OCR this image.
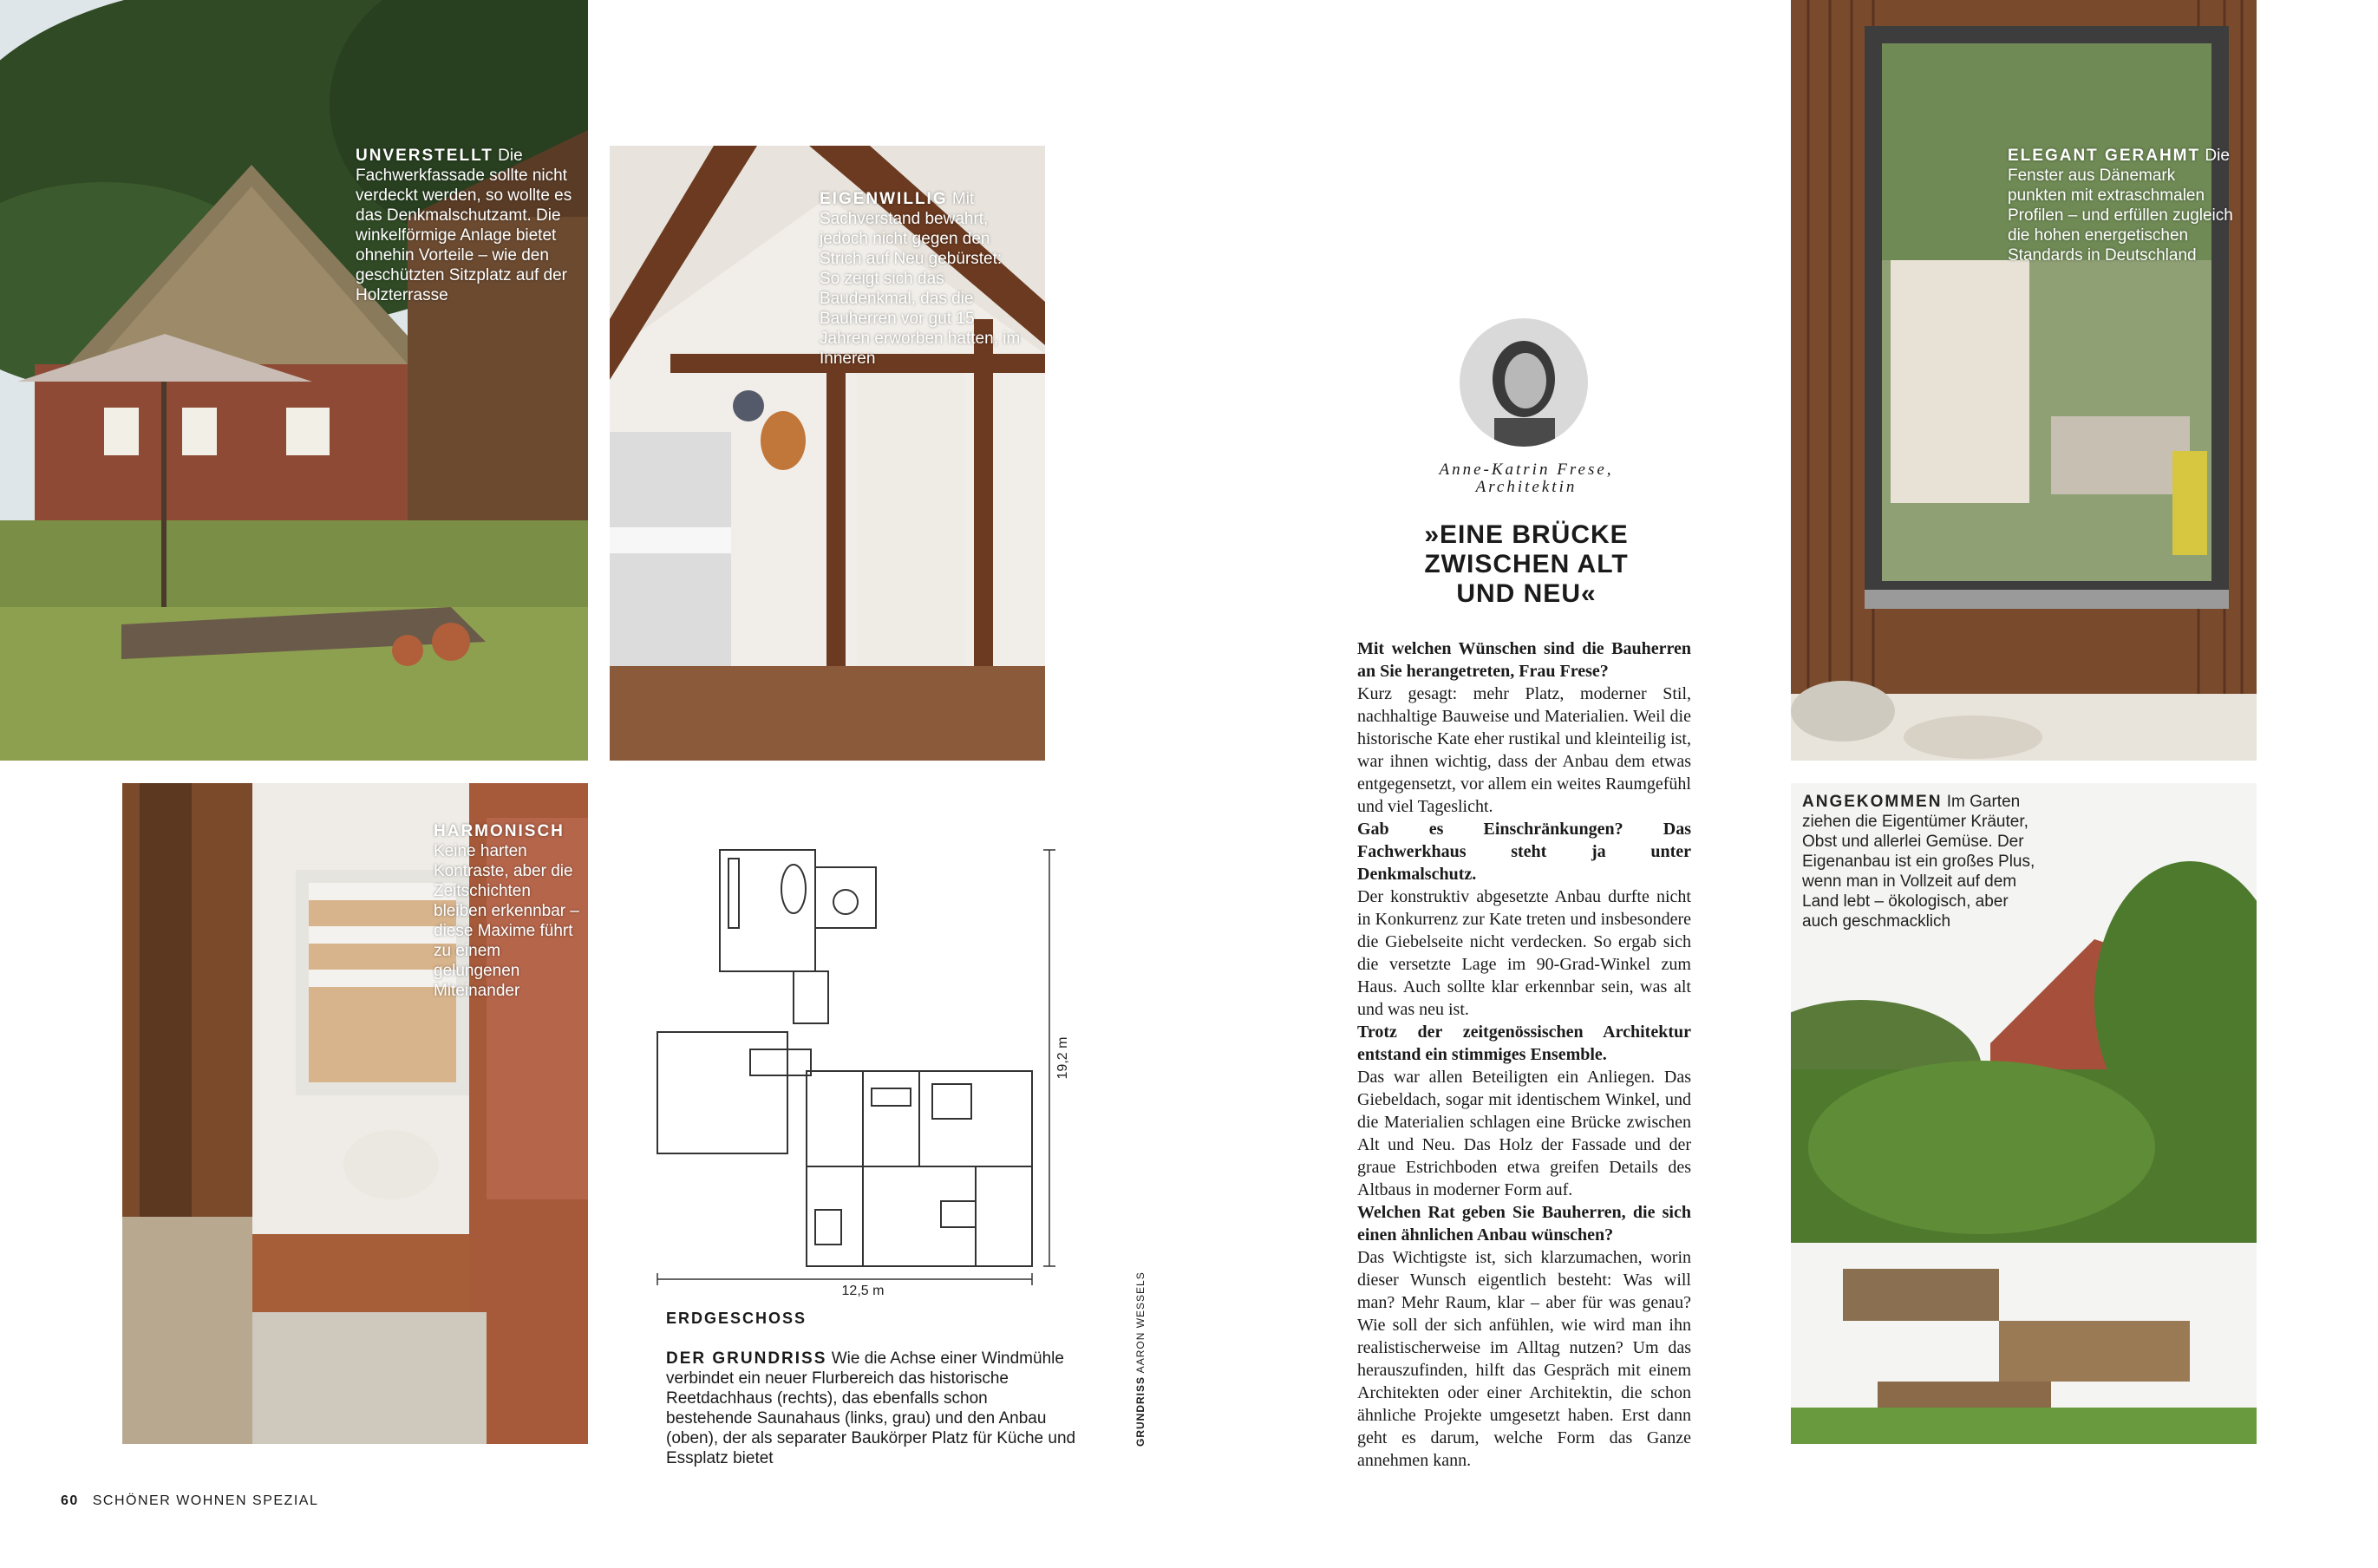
UNVERSTELLT Die Fachwerkfassade sollte nicht verdeckt werden, so wollte es das Denkmalschutzamt. Die winkelförmige Anlage bietet ohnehin Vorteile – wie den geschützten Sitzplatz auf der Holzterrasse
EIGENWILLIG Mit Sachverstand bewahrt, jedoch nicht gegen den Strich auf Neu gebürstet: So zeigt sich das Baudenkmal, das die Bauherren vor gut 15 Jahren erworben hatten, im Inneren
HARMONISCH Keine harten Kontraste, aber die Zeitschichten bleiben erkennbar – diese Maxime führt zu einem gelungenen Miteinander
12,5 m
19,2 m
ERDGESCHOSS
DER GRUNDRISS Wie die Achse einer Windmühle verbindet ein neuer Flurbereich das historische Reetdachhaus (rechts), das ebenfalls schon bestehende Saunahaus (links, grau) und den Anbau (oben), der als separater Baukörper Platz für Küche und Essplatz bietet
GRUNDRISS AARON WESSELS
Anne-Katrin Frese,
Architektin
»EINE BRÜCKE
ZWISCHEN ALT
UND NEU«

Mit welchen Wünschen sind die Bauherren an Sie herangetreten, Frau Frese?

Kurz gesagt: mehr Platz, moderner Stil, nachhaltige Bauweise und Materialien. Weil die historische Kate eher rustikal und kleinteilig ist, war ihnen wichtig, dass der Anbau dem etwas entgegensetzt, vor allem ein weites Raumgefühl und viel Tageslicht.

Gab es Einschränkungen? Das Fachwerkhaus steht ja unter Denkmalschutz.

Der konstruktiv abgesetzte Anbau durfte nicht in Konkurrenz zur Kate treten und insbesondere die Giebelseite nicht verdecken. So ergab sich die versetzte Lage im 90-Grad-Winkel zum Haus. Auch sollte klar erkennbar sein, was alt und was neu ist.

Trotz der zeitgenössischen Architektur entstand ein stimmiges Ensemble.

Das war allen Beteiligten ein Anliegen. Das Giebeldach, sogar mit identischem Winkel, und die Materialien schlagen eine Brücke zwischen Alt und Neu. Das Holz der Fassade und der graue Estrichboden etwa greifen Details des Altbaus in moderner Form auf.

Welchen Rat geben Sie Bauherren, die sich einen ähnlichen Anbau wünschen?

Das Wichtigste ist, sich klarzumachen, worin dieser Wunsch eigentlich besteht: Was will man? Mehr Raum, klar – aber für was genau? Wie soll der sich anfühlen, wie wird man ihn realistischerweise im Alltag nutzen? Um das herauszufinden, hilft das Gespräch mit einem Architekten oder einer Architektin, die schon ähnliche Projekte umgesetzt haben. Erst dann geht es darum, welche Form das Ganze annehmen kann.

ELEGANT GERAHMT Die Fenster aus Dänemark punkten mit extraschmalen Profilen – und erfüllen zugleich die hohen energetischen Standards in Deutschland
ANGEKOMMEN Im Garten ziehen die Eigentümer Kräuter, Obst und allerlei Gemüse. Der Eigenanbau ist ein großes Plus, wenn man in Vollzeit auf dem Land lebt – ökologisch, aber auch geschmacklich
60 SCHÖNER WOHNEN SPEZIAL
